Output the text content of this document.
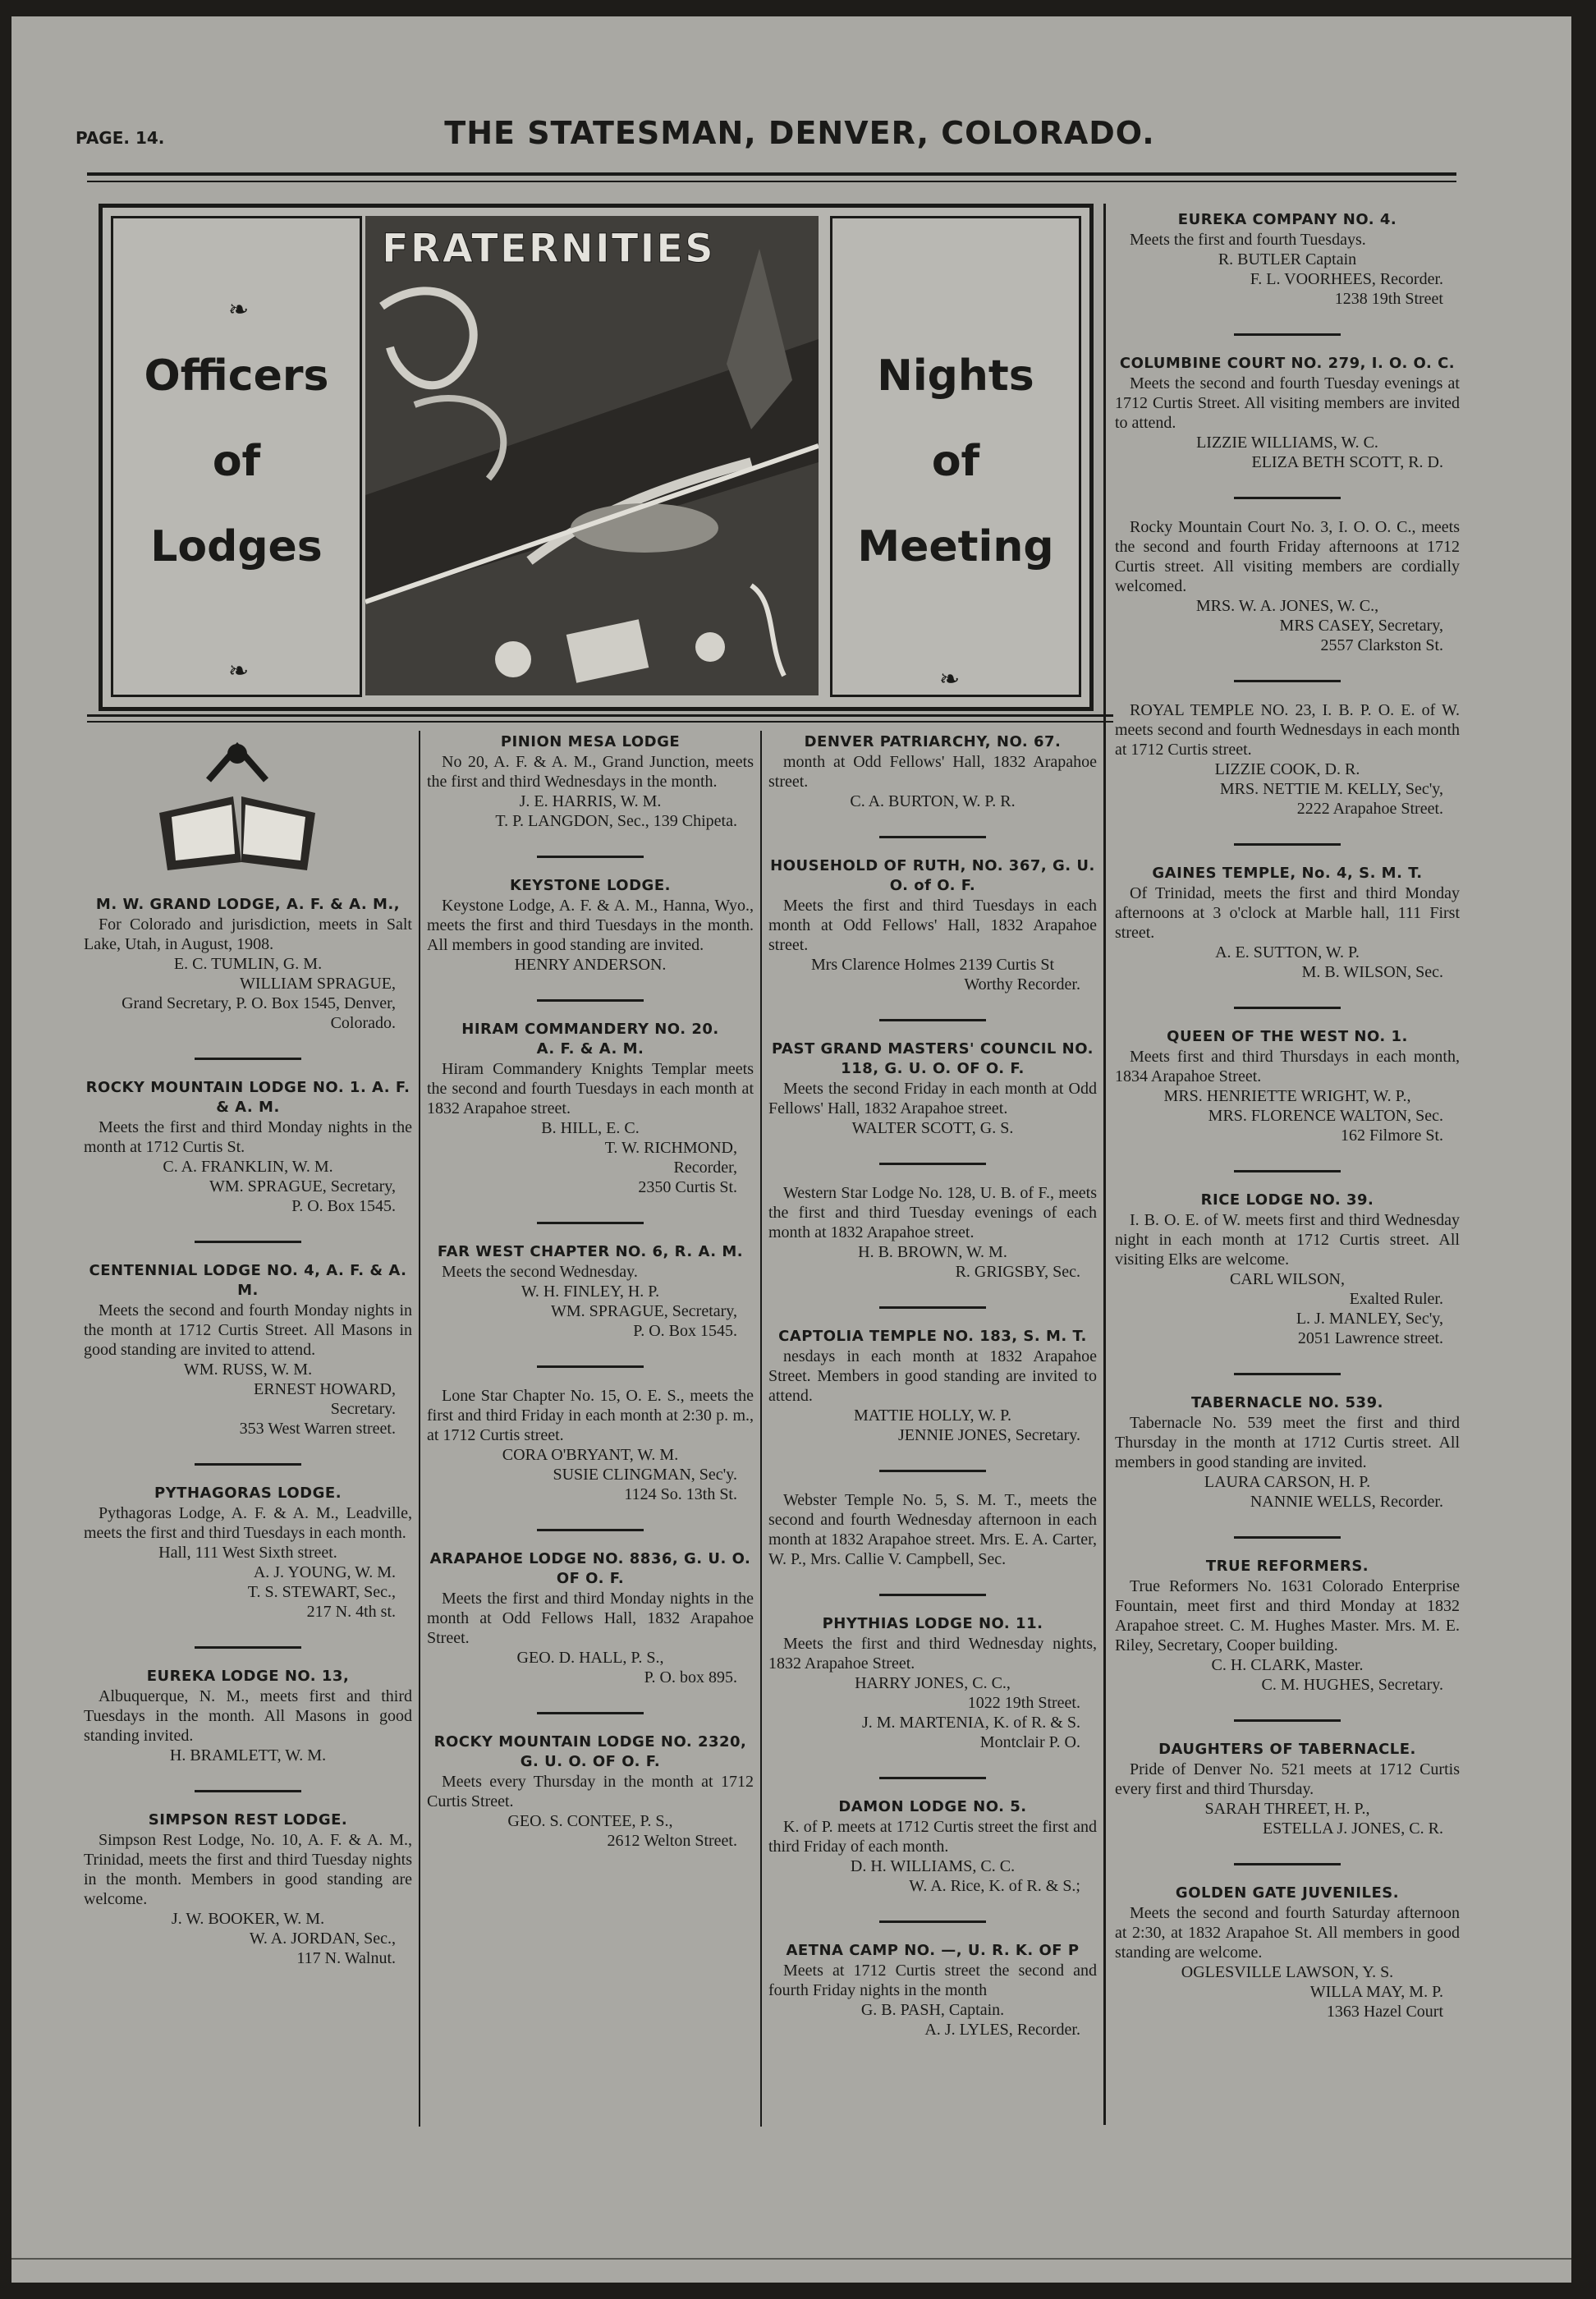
PAGE. 14.	THE STATESMAN, DENVER, COLORADO.
Officers
of
Lodges
❧
❧
FRATERNITIES
Nights
of
Meeting
❧
M. W. GRAND LODGE, A. F. & A. M.,
For Colorado and jurisdiction, meets in Salt Lake, Utah, in August, 1908.
E. C. TUMLIN, G. M.
WILLIAM SPRAGUE,
Grand Secretary, P. O. Box 1545, Denver, Colorado.
ROCKY MOUNTAIN LODGE NO. 1. A. F. & A. M.
Meets the first and third Monday nights in the month at 1712 Curtis St.
C. A. FRANKLIN, W. M.
WM. SPRAGUE, Secretary,
P. O. Box 1545.
CENTENNIAL LODGE NO. 4, A. F. & A. M.
Meets the second and fourth Monday nights in the month at 1712 Curtis Street. All Masons in good standing are invited to attend.
WM. RUSS, W. M.
ERNEST HOWARD,
Secretary.
353 West Warren street.
PYTHAGORAS LODGE.
Pythagoras Lodge, A. F. & A. M., Leadville, meets the first and third Tuesdays in each month.
Hall, 111 West Sixth street.
A. J. YOUNG, W. M.
T. S. STEWART, Sec.,
217 N. 4th st.
EUREKA LODGE NO. 13,
Albuquerque, N. M., meets first and third Tuesdays in the month. All Masons in good standing invited.
H. BRAMLETT, W. M.
SIMPSON REST LODGE.
Simpson Rest Lodge, No. 10, A. F. & A. M., Trinidad, meets the first and third Tuesday nights in the month. Members in good standing are welcome.
J. W. BOOKER, W. M.
W. A. JORDAN, Sec.,
117 N. Walnut.
PINION MESA LODGE
No 20, A. F. & A. M., Grand Junction, meets the first and third Wednesdays in the month.
J. E. HARRIS, W. M.
T. P. LANGDON, Sec., 139 Chipeta.
KEYSTONE LODGE.
Keystone Lodge, A. F. & A. M., Hanna, Wyo., meets the first and third Tuesdays in the month. All members in good standing are invited.
HENRY ANDERSON.
HIRAM COMMANDERY NO. 20.
A. F. & A. M.
Hiram Commandery Knights Templar meets the second and fourth Tuesdays in each month at 1832 Arapahoe street.
B. HILL, E. C.
T. W. RICHMOND,
Recorder,
2350 Curtis St.
FAR WEST CHAPTER NO. 6, R. A. M.
Meets the second Wednesday.
W. H. FINLEY, H. P.
WM. SPRAGUE, Secretary,
P. O. Box 1545.
Lone Star Chapter No. 15, O. E. S., meets the first and third Friday in each month at 2:30 p. m., at 1712 Curtis street.
CORA O'BRYANT, W. M.
SUSIE CLINGMAN, Sec'y.
1124 So. 13th St.
ARAPAHOE LODGE NO. 8836, G. U. O. OF O. F.
Meets the first and third Monday nights in the month at Odd Fellows Hall, 1832 Arapahoe Street.
GEO. D. HALL, P. S.,
P. O. box 895.
ROCKY MOUNTAIN LODGE NO. 2320, G. U. O. OF O. F.
Meets every Thursday in the month at 1712 Curtis Street.
GEO. S. CONTEE, P. S.,
2612 Welton Street.
DENVER PATRIARCHY, NO. 67.
month at Odd Fellows' Hall, 1832 Arapahoe street.
C. A. BURTON, W. P. R.
HOUSEHOLD OF RUTH, NO. 367, G. U. O. of O. F.
Meets the first and third Tuesdays in each month at Odd Fellows' Hall, 1832 Arapahoe street.
Mrs Clarence Holmes 2139 Curtis St
Worthy Recorder.
PAST GRAND MASTERS' COUNCIL NO. 118, G. U. O. OF O. F.
Meets the second Friday in each month at Odd Fellows' Hall, 1832 Arapahoe street.
WALTER SCOTT, G. S.
Western Star Lodge No. 128, U. B. of F., meets the first and third Tuesday evenings of each month at 1832 Arapahoe street.
H. B. BROWN, W. M.
R. GRIGSBY, Sec.
CAPTOLIA TEMPLE NO. 183, S. M. T.
nesdays in each month at 1832 Arapahoe Street. Members in good standing are invited to attend.
MATTIE HOLLY, W. P.
JENNIE JONES, Secretary.
Webster Temple No. 5, S. M. T., meets the second and fourth Wednesday afternoon in each month at 1832 Arapahoe street. Mrs. E. A. Carter, W. P., Mrs. Callie V. Campbell, Sec.
PHYTHIAS LODGE NO. 11.
Meets the first and third Wednesday nights, 1832 Arapahoe Street.
HARRY JONES, C. C.,
1022 19th Street.
J. M. MARTENIA, K. of R. & S.
Montclair P. O.
DAMON LODGE NO. 5.
K. of P. meets at 1712 Curtis street the first and third Friday of each month.
D. H. WILLIAMS, C. C.
W. A. Rice, K. of R. & S.;
AETNA CAMP NO. —, U. R. K. OF P
Meets at 1712 Curtis street the second and fourth Friday nights in the month
G. B. PASH, Captain.
A. J. LYLES, Recorder.
EUREKA COMPANY NO. 4.
Meets the first and fourth Tuesdays.
R. BUTLER Captain
F. L. VOORHEES, Recorder.
1238 19th Street
COLUMBINE COURT NO. 279, I. O. O. C.
Meets the second and fourth Tuesday evenings at 1712 Curtis Street. All visiting members are invited to attend.
LIZZIE WILLIAMS, W. C.
ELIZA BETH SCOTT, R. D.
Rocky Mountain Court No. 3, I. O. O. C., meets the second and fourth Friday afternoons at 1712 Curtis street. All visiting members are cordially welcomed.
MRS. W. A. JONES, W. C.,
MRS CASEY, Secretary,
2557 Clarkston St.
ROYAL TEMPLE NO. 23, I. B. P. O. E. of W. meets second and fourth Wednesdays in each month at 1712 Curtis street.
LIZZIE COOK, D. R.
MRS. NETTIE M. KELLY, Sec'y,
2222 Arapahoe Street.
GAINES TEMPLE, No. 4, S. M. T.
Of Trinidad, meets the first and third Monday afternoons at 3 o'clock at Marble hall, 111 First street.
A. E. SUTTON, W. P.
M. B. WILSON, Sec.
QUEEN OF THE WEST NO. 1.
Meets first and third Thursdays in each month, 1834 Arapahoe Street.
MRS. HENRIETTE WRIGHT, W. P.,
MRS. FLORENCE WALTON, Sec.
162 Filmore St.
RICE LODGE NO. 39.
I. B. O. E. of W. meets first and third Wednesday night in each month at 1712 Curtis street. All visiting Elks are welcome.
CARL WILSON,
Exalted Ruler.
L. J. MANLEY, Sec'y,
2051 Lawrence street.
TABERNACLE NO. 539.
Tabernacle No. 539 meet the first and third Thursday in the month at 1712 Curtis street. All members in good standing are invited.
LAURA CARSON, H. P.
NANNIE WELLS, Recorder.
TRUE REFORMERS.
True Reformers No. 1631 Colorado Enterprise Fountain, meet first and third Monday at 1832 Arapahoe street. C. M. Hughes Master. Mrs. M. E. Riley, Secretary, Cooper building.
C. H. CLARK, Master.
C. M. HUGHES, Secretary.
DAUGHTERS OF TABERNACLE.
Pride of Denver No. 521 meets at 1712 Curtis every first and third Thursday.
SARAH THREET, H. P.,
ESTELLA J. JONES, C. R.
GOLDEN GATE JUVENILES.
Meets the second and fourth Saturday afternoon at 2:30, at 1832 Arapahoe St. All members in good standing are welcome.
OGLESVILLE LAWSON, Y. S.
WILLA MAY, M. P.
1363 Hazel Court
